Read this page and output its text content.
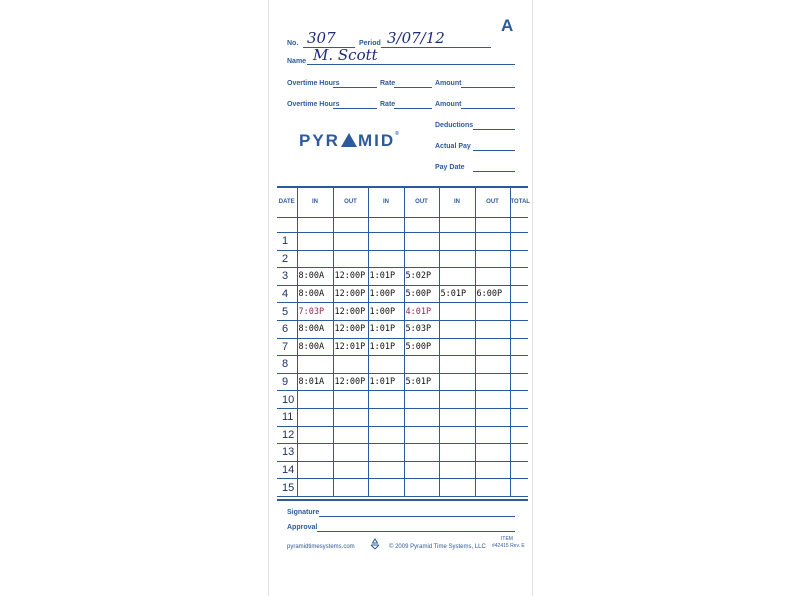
A
No. 307	Period 3/07/12
Name M. Scott
Overtime Hours	Rate	Amount
Overtime Hours	Rate	Amount
Deductions
Actual Pay
Pay Date
PYR MID®
DATE	IN	OUT	IN	OUT	IN	OUT	TOTAL

1							
2							
3	8:00A	12:00P	1:01P	5:02P			
4	8:00A	12:00P	1:00P	5:00P	5:01P	6:00P	
5	7:03P	12:00P	1:00P	4:01P			
6	8:00A	12:00P	1:01P	5:03P			
7	8:00A	12:01P	1:01P	5:00P			
8							
9	8:01A	12:00P	1:01P	5:01P			
10							
11							
12							
13							
14							
15							
Signature
Approval
pyramidtimesystems.com	© 2009 Pyramid Time Systems, LLC
ITEM
#42415 Rev. E
